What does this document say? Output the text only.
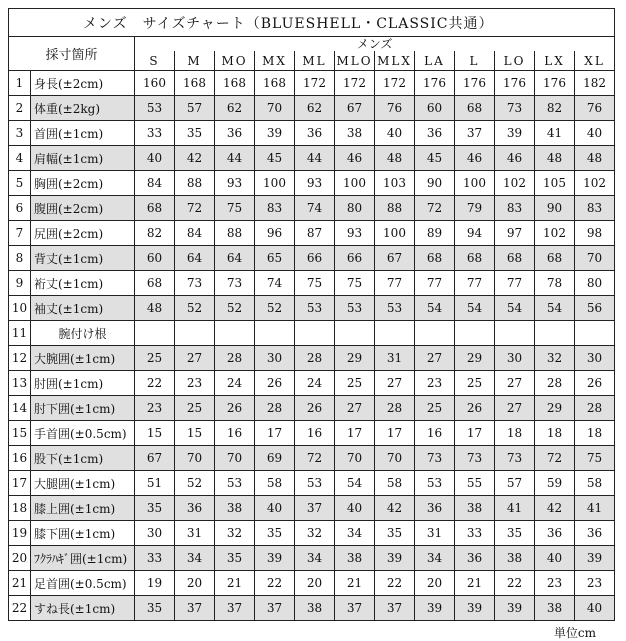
メンズ　サイズチャート（BLUESHELL・CLASSIC共通）													
採寸箇所		メンズ											
		S	M	MO	MX	ML	MLO	MLX	LA	L	LO	LX	XL
1	身長(±2cm)	160	168	168	168	172	172	172	176	176	176	176	182
2	体重(±2kg)	53	57	62	70	62	67	76	60	68	73	82	76
3	首囲(±1cm)	33	35	36	39	36	38	40	36	37	39	41	40
4	肩幅(±1cm)	40	42	44	45	44	46	48	45	46	46	48	48
5	胸囲(±2cm)	84	88	93	100	93	100	103	90	100	102	105	102
6	腹囲(±2cm)	68	72	75	83	74	80	88	72	79	83	90	83
7	尻囲(±2cm)	82	84	88	96	87	93	100	89	94	97	102	98
8	背丈(±1cm)	60	64	64	65	66	66	67	68	68	68	68	70
9	裄丈(±1cm)	68	73	73	74	75	75	77	77	77	77	78	80
10	袖丈(±1cm)	48	52	52	52	53	53	53	54	54	54	54	56
11	腕付け根												
12	大腕囲(±1cm)	25	27	28	30	28	29	31	27	29	30	32	30
13	肘囲(±1cm)	22	23	24	26	24	25	27	23	25	27	28	26
14	肘下囲(±1cm)	23	25	26	28	26	27	28	25	26	27	29	28
15	手首囲(±0.5cm)	15	15	16	17	16	17	17	16	17	18	18	18
16	股下(±1cm)	67	70	70	69	72	70	70	73	73	73	72	75
17	大腿囲(±1cm)	51	52	53	58	53	54	58	53	55	57	59	58
18	膝上囲(±1cm)	35	36	38	40	37	40	42	36	38	41	42	41
19	膝下囲(±1cm)	30	31	32	35	32	34	35	31	33	35	36	36
20	ﾌｸﾗﾊｷﾞ囲(±1cm)	33	34	35	39	34	38	39	34	36	38	40	39
21	足首囲(±0.5cm)	19	20	21	22	20	21	22	20	21	22	23	23
22	すね長(±1cm)	35	37	37	37	38	37	37	39	39	39	38	40
単位cm
